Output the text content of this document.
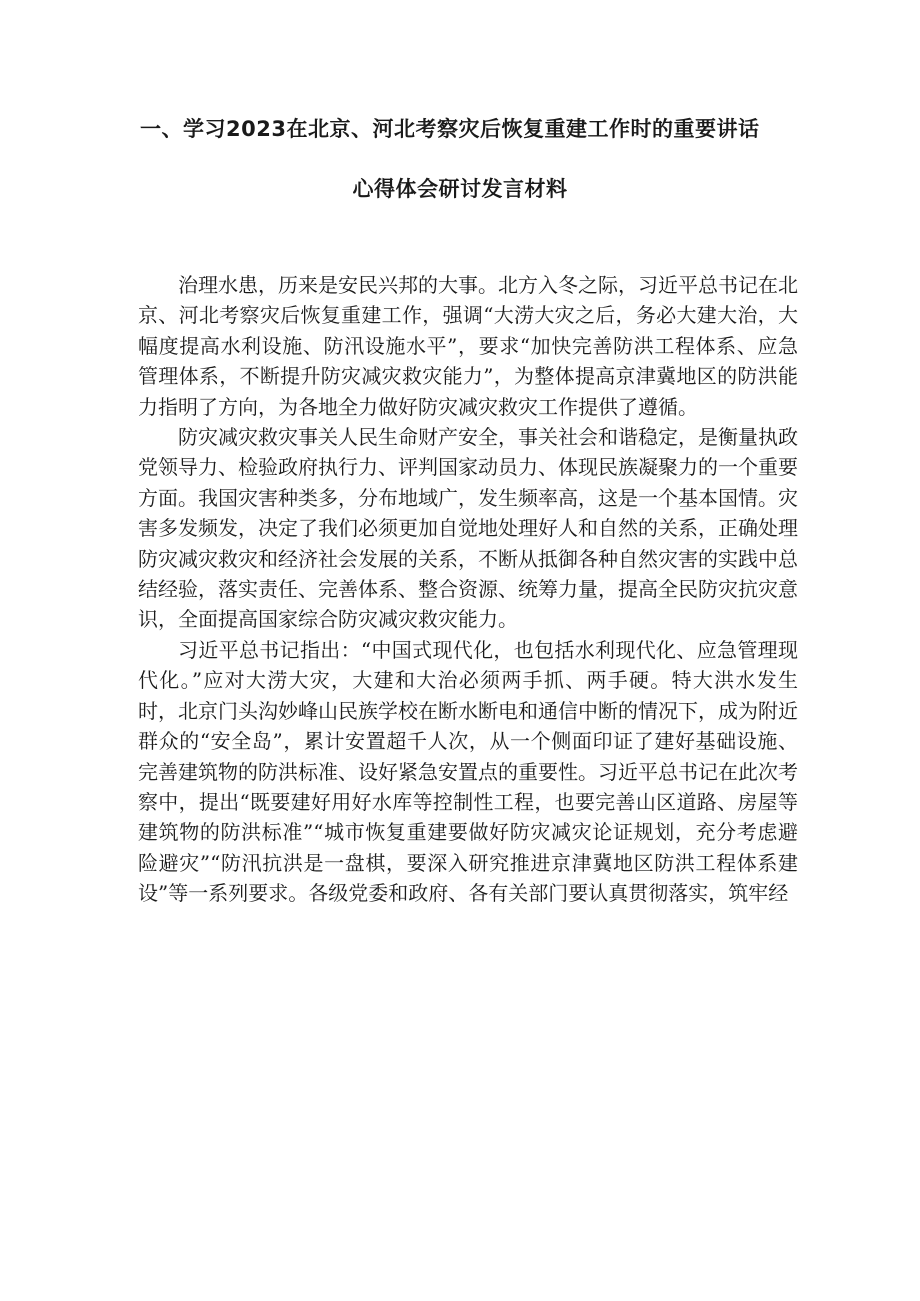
一、学习2023在北京、河北考察灾后恢复重建工作时的重要讲话
心得体会研讨发言材料

治理水患，历来是安民兴邦的大事。北方入冬之际，习近平总书记在北京、河北考察灾后恢复重建工作，强调“大涝大灾之后，务必大建大治，大幅度提高水利设施、防汛设施水平”，要求“加快完善防洪工程体系、应急管理体系，不断提升防灾减灾救灾能力”，为整体提高京津冀地区的防洪能力指明了方向，为各地全力做好防灾减灾救灾工作提供了遵循。

防灾减灾救灾事关人民生命财产安全，事关社会和谐稳定，是衡量执政党领导力、检验政府执行力、评判国家动员力、体现民族凝聚力的一个重要方面。我国灾害种类多，分布地域广，发生频率高，这是一个基本国情。灾害多发频发，决定了我们必须更加自觉地处理好人和自然的关系，正确处理防灾减灾救灾和经济社会发展的关系，不断从抵御各种自然灾害的实践中总结经验，落实责任、完善体系、整合资源、统筹力量，提高全民防灾抗灾意识，全面提高国家综合防灾减灾救灾能力。

习近平总书记指出：“中国式现代化，也包括水利现代化、应急管理现代化。”应对大涝大灾，大建和大治必须两手抓、两手硬。特大洪水发生时，北京门头沟妙峰山民族学校在断水断电和通信中断的情况下，成为附近群众的“安全岛”，累计安置超千人次，从一个侧面印证了建好基础设施、完善建筑物的防洪标准、设好紧急安置点的重要性。习近平总书记在此次考察中，提出“既要建好用好水库等控制性工程，也要完善山区道路、房屋等建筑物的防洪标准”“城市恢复重建要做好防灾减灾论证规划，充分考虑避险避灾”“防汛抗洪是一盘棋，要深入研究推进京津冀地区防洪工程体系建设”等一系列要求。各级党委和政府、各有关部门要认真贯彻落实，筑牢经
